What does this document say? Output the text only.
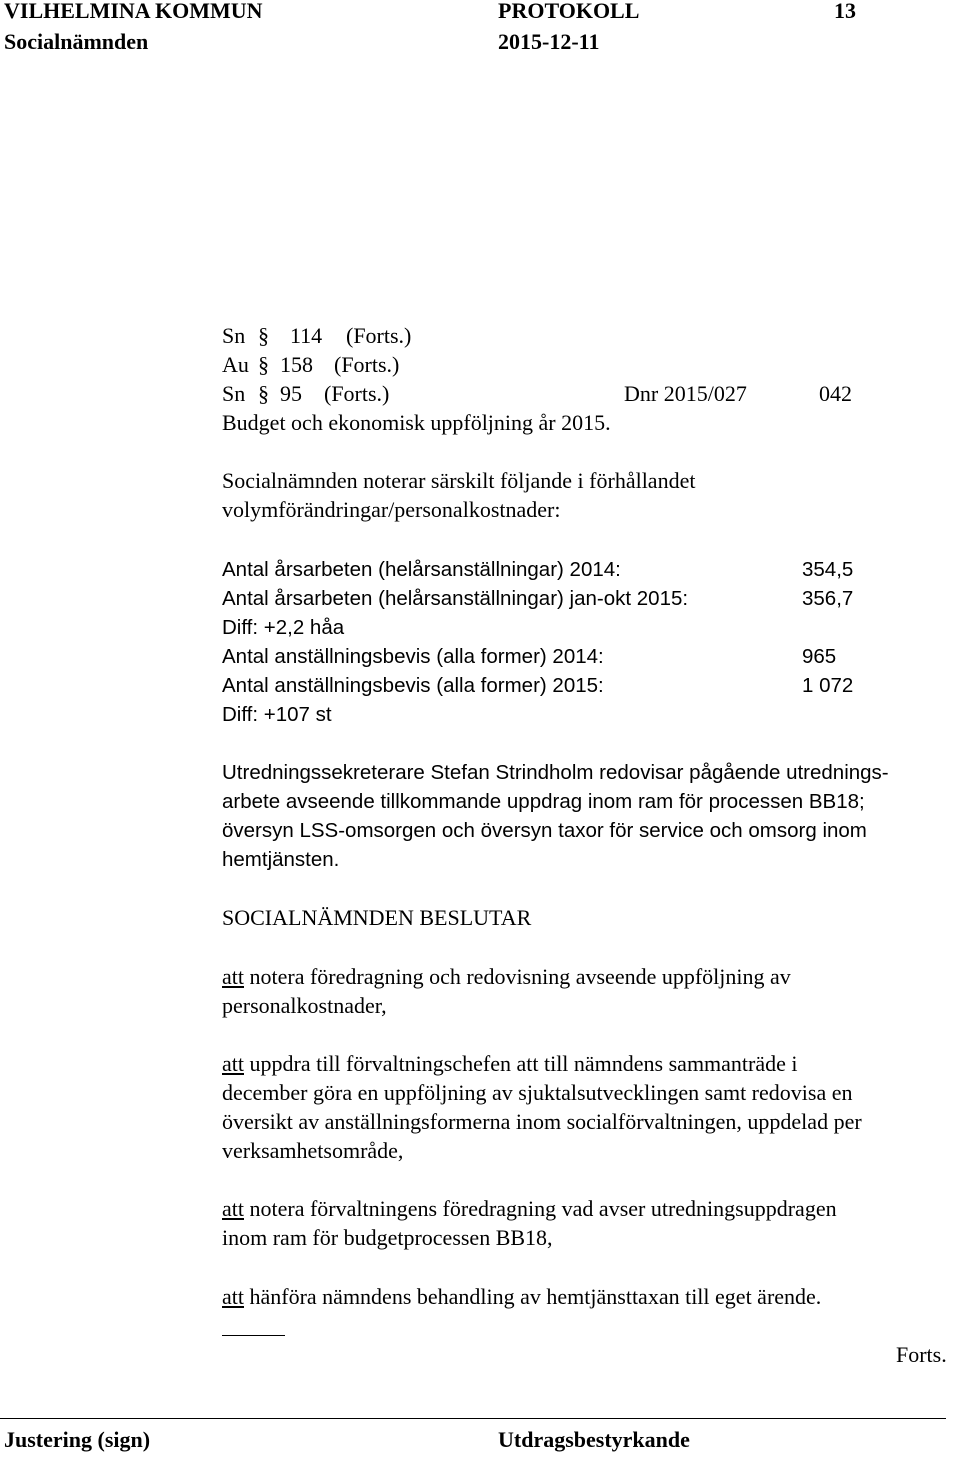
VILHELMINA KOMMUN	PROTOKOLL	13
Socialnämnden	2015-12-11
Sn § 114 (Forts.)
Au § 158 (Forts.)
Sn § 95 (Forts.)	Dnr 2015/027	042
Budget och ekonomisk uppföljning år 2015.
Socialnämnden noterar särskilt följande i förhållandet
volymförändringar/personalkostnader:
Antal årsarbeten (helårsanställningar) 2014:	354,5
Antal årsarbeten (helårsanställningar) jan-okt 2015:	356,7
Diff: +2,2 håa
Antal anställningsbevis (alla former) 2014:	965
Antal anställningsbevis (alla former) 2015:	1 072
Diff: +107 st
Utredningssekreterare Stefan Strindholm redovisar pågående utrednings-
arbete avseende tillkommande uppdrag inom ram för processen BB18;
översyn LSS-omsorgen och översyn taxor för service och omsorg inom
hemtjänsten.
SOCIALNÄMNDEN BESLUTAR
att notera föredragning och redovisning avseende uppföljning av
personalkostnader,
att uppdra till förvaltningschefen att till nämndens sammanträde i
december göra en uppföljning av sjuktalsutvecklingen samt redovisa en
översikt av anställningsformerna inom socialförvaltningen, uppdelad per
verksamhetsområde,
att notera förvaltningens föredragning vad avser utredningsuppdragen
inom ram för budgetprocessen BB18,
att hänföra nämndens behandling av hemtjänsttaxan till eget ärende.
Forts.
Justering (sign)	Utdragsbestyrkande
